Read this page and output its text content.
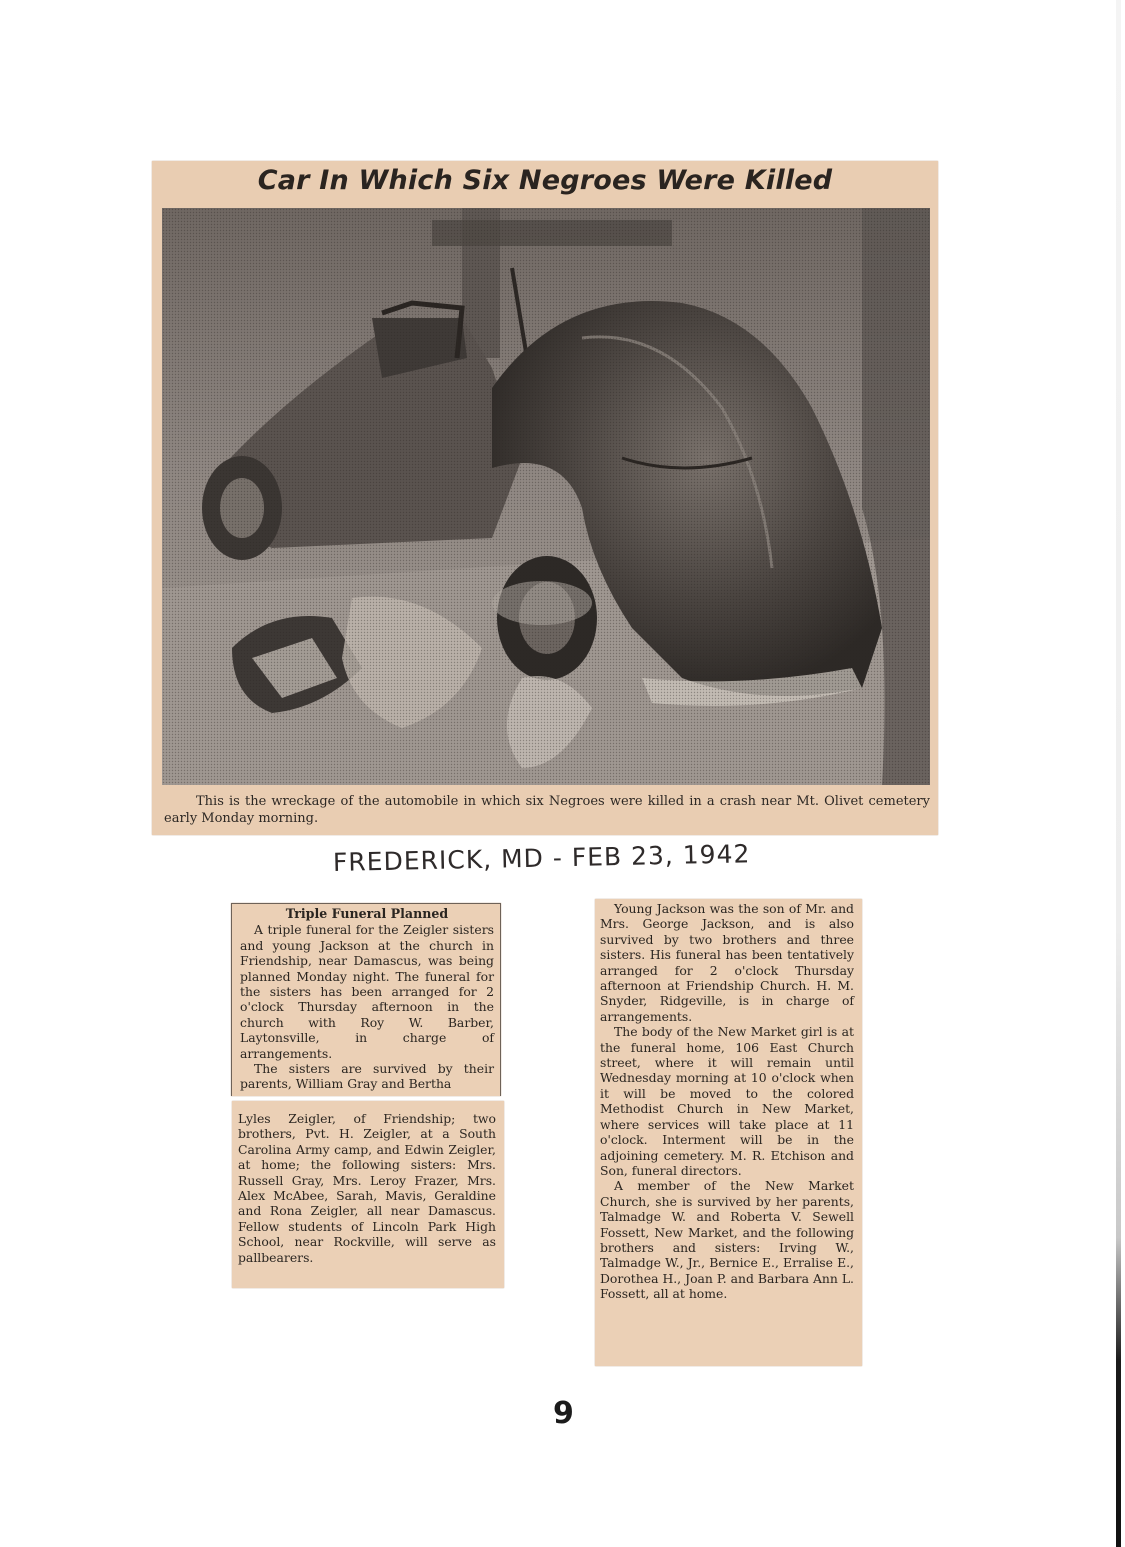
Car In Which Six Negroes Were Killed
This is the wreckage of the automobile in which six Negroes were killed in a crash near Mt. Olivet cemetery early Monday morning.
FREDERICK, MD - FEB 23, 1942

Triple Funeral Planned

A triple funeral for the Zeigler sisters and young Jackson at the church in Friendship, near Damascus, was being planned Monday night. The funeral for the sisters has been arranged for 2 o'clock Thursday afternoon in the church with Roy W. Barber, Laytonsville, in charge of arrangements.

The sisters are survived by their parents, William Gray and Bertha

Lyles Zeigler, of Friendship; two brothers, Pvt. H. Zeigler, at a South Carolina Army camp, and Edwin Zeigler, at home; the following sisters: Mrs. Russell Gray, Mrs. Leroy Frazer, Mrs. Alex McAbee, Sarah, Mavis, Geraldine and Rona Zeigler, all near Damascus. Fellow students of Lincoln Park High School, near Rockville, will serve as pallbearers.

Young Jackson was the son of Mr. and Mrs. George Jackson, and is also survived by two brothers and three sisters. His funeral has been tentatively arranged for 2 o'clock Thursday afternoon at Friendship Church. H. M. Snyder, Ridgeville, is in charge of arrangements.

The body of the New Market girl is at the funeral home, 106 East Church street, where it will remain until Wednesday morning at 10 o'clock when it will be moved to the colored Methodist Church in New Market, where services will take place at 11 o'clock. Interment will be in the adjoining cemetery. M. R. Etchison and Son, funeral directors.

A member of the New Market Church, she is survived by her parents, Talmadge W. and Roberta V. Sewell Fossett, New Market, and the following brothers and sisters: Irving W., Talmadge W., Jr., Bernice E., Erralise E., Dorothea H., Joan P. and Barbara Ann L. Fossett, all at home.

9
